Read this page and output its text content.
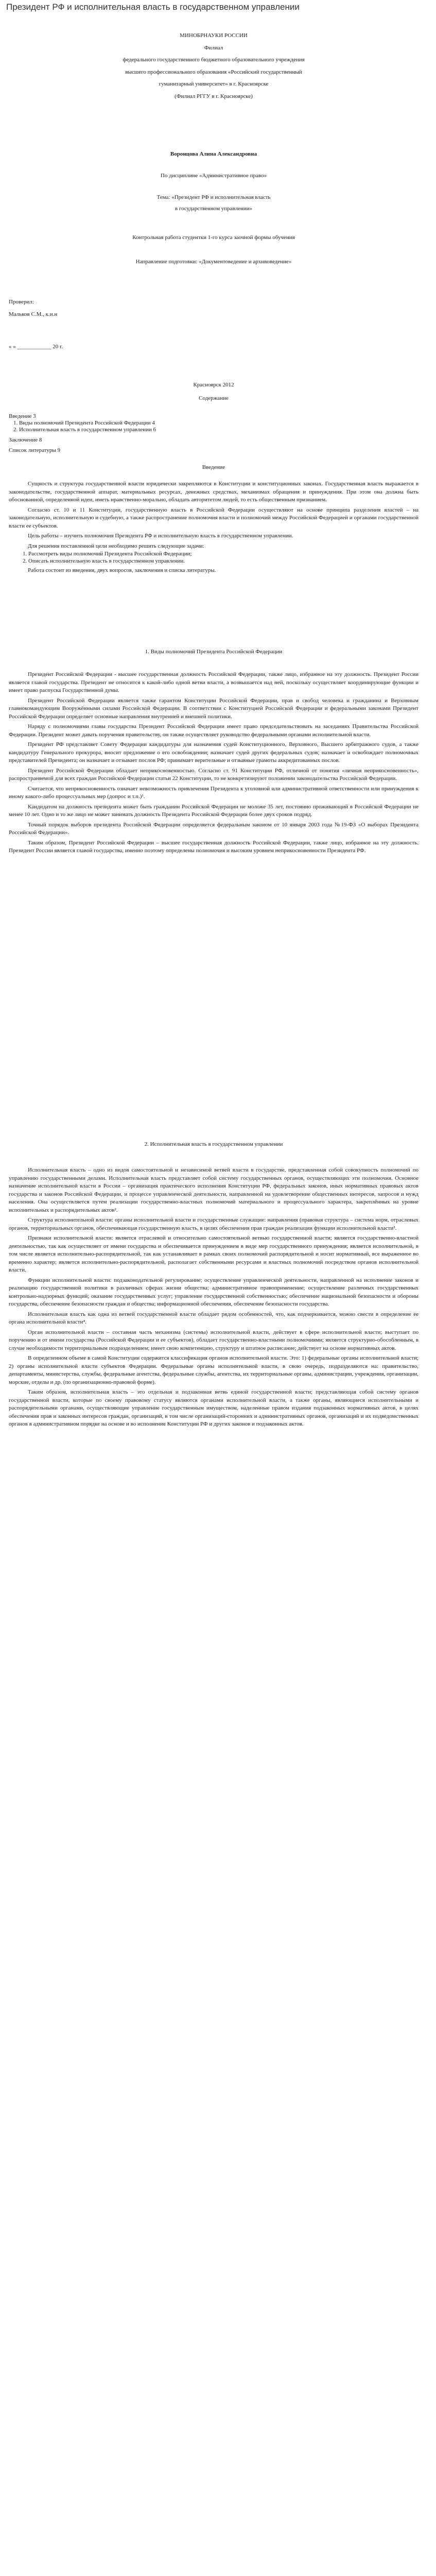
Президент РФ и исполнительная власть в государственном управлении

МИНОБРНАУКИ РОССИИ

Филиал

федерального государственного бюджетного образовательного учреждения

высшего профессионального образования «Российский государственный

гуманитарный университет» в г. Красноярске

(Филиал РГГУ в г. Красноярске)

Воронцова Алина Александровна
По дисциплине «Административное право»

Тема: «Президент РФ и исполнительная власть

в государственном управлении»

Контрольная работа студентки 1-го курса заочной формы обучения
Направление подготовки: «Документоведение и архивоведение»

Проверил:

Мальков С.М., к.и.н

« » ____________ 20 г.

Красноярск 2012
Содержание

Введение 3

1. Виды полномочий Президента Российской Федерации 4

2. Исполнительная власть в государственном управлении 6

Заключение 8

Список литературы 9

Введение

Сущность и структура государственной власти юридически закрепляются в Конституции и конституционных законах. Государственная власть выражается в законодательстве, государственной аппарат, материальных ресурсах, денежных средствах, механизмах обращения и принуждения. При этом она должна быть обоснованной, определенной идеи, иметь нравственно-морально, обладать авторитетом людей, то есть общественным признанием.

Согласно ст. 10 и 11 Конституции, государственную власть в Российской Федерации осуществляют на основе принципа разделения властей – на законодательную, исполнительную и судебную, а также распространение полномочия власти и полномочий между Российской Федерацией и органами государственной власти ее субъектов.

Цель работы – изучить полномочия Президента РФ и исполнительную власть в государственном управлении.

Для решения поставленной цели необходимо решить следующие задачи:

1. Рассмотреть виды полномочий Президента Российской Федерации;
2. Описать исполнительную власть в государственном управлении.

Работа состоит из введения, двух вопросов, заключения и списка литературы.

1. Виды полномочий Президента Российской Федерации

Президент Российской Федерации - высшее государственная должность Российской Федерации, также лицо, избранное на эту должность. Президент России является главой государства. Президент не относится к какой-либо одной ветви власти, а возвышается над ней, поскольку осуществляет координирующие функции и имеет право распуска Государственной думы.

Президент Российской Федерации является также гарантом Конституции Российской Федерации, прав и свобод человека и гражданина и Верховным главнокомандующим Вооружёнными силами Российской Федерации. В соответствии с Конституцией Российской Федерации и федеральными законами Президент Российской Федерации определяет основные направления внутренней и внешней политики.

Наряду с полномочиями главы государства Президент Российской Федерации имеет право председательствовать на заседаниях Правительства Российской Федерации. Президент может давать поручения правительству, он также осуществляет руководство федеральными органами исполнительной власти.

Президент РФ представляет Совету Федерации кандидатуры для назначения судей Конституционного, Верховного, Высшего арбитражного судов, а также кандидатуру Генерального прокурора, вносит предложение о его освобождении; назначает судей других федеральных судов; назначает и освобождает полномочных представителей Президента; он назначает и отзывает послов РФ; принимает верительные и отзывные грамоты аккредитованных послов.

Президент Российской Федерации обладает неприкосновенностью. Согласно ст. 91 Конституции РФ, отличной от понятия «личная неприкосновенность», распространяемой для всех граждан Российской Федерации статьи 22 Конституции, то не конкретизируют положении законодательства Российской Федерации.

Считается, что неприкосновенность означает невозможность привлечения Президента к уголовной или административной ответственности или принуждения к иному какого-либо процессуальных мер (допрос и т.п.)¹.

Кандидатом на должность президента может быть гражданин Российской Федерации не моложе 35 лет, постоянно проживающий в Российской Федерации не менее 10 лет. Одно и то же лицо не может занимать должность Президента Российской Федерации более двух сроков подряд.

Точный порядок выборов президента Российской Федерации определяется федеральным законом от 10 января 2003 года №19-ФЗ «О выборах Президента Российской Федерации».

Таким образом, Президент Российской Федерации – высшее государственная должность Российской Федерации, также лицо, избранное на эту должность. Президент России является главой государства, именно поэтому определены полномочия и высоким уровнем неприкосновенности Президента РФ.

2. Исполнительная власть в государственном управлении

Исполнительная власть – одно из видов самостоятельной и независимой ветвей власти в государстве, представленная собой совокупность полномочий по управлению государственными делами. Исполнительная власть представляет собой систему государственных органов, осуществляющих эти полномочия. Основное назначение исполнительной власти в России – организация практического исполнения Конституции РФ, федеральных законов, иных нормативных правовых актов государства и законов Российской Федерации, и процессе управленческой деятельности, направленной на удовлетворение общественных интересов, запросов и нужд населения. Она осуществляется путем реализации государственно-властных полномочий материального и процессуального характера, закреплённых на уровне исполнительных и распорядительных актов².

Структура исполнительной власти: органы исполнительной власти и государственные служащие: направления (правовая структура – система норм, отраслевых органов, территориальных органов, обеспечивающая государственную власть, в целях обеспечения прав граждан реализации функции исполнительной власти³.

Признаки исполнительной власти: является отраслевой и относительно самостоятельной ветвью государственной власти; является государственно-властной деятельностью, так как осуществляет от имени государства и обеспечивается принуждением в виде мер государственного принуждения; является исполнительной, в том числе является исполнительно-распорядительной, так как устанавливает в рамках своих полномочий распорядительной и носит нормативный, все выраженное во временно характер; является исполнительно-распорядительной, располагает собственными ресурсами и властных полномочий посредством органов исполнительной власти.

Функции исполнительной власти: подзаконодательной регулирование; осуществление управленческой деятельности, направленной на исполнение законов и реализацию государственной политики в различных сферах жизни общества; административное правоприменение; осуществление различных государственных контрольно-надзорных функций; оказание государственных услуг; управление государственной собственностью; обеспечение национальной безопасности и обороны государства, обеспечение безопасности граждан и общества; информационной обеспечения, обеспечение безопасности государства.

Исполнительная власть как одна из ветвей государственной власти обладает рядом особенностей, что, как подчеркивается, можно свести в определение ее органа исполнительной власти⁴.

Орган исполнительной власти – составная часть механизма (системы) исполнительной власти, действует в сфере исполнительной власти; выступает по поручению и от имени государства (Российской Федерации и ее субъектов), обладает государственно-властными полномочиями; является структурно-обособленным, в случае необходимости территориальным подразделением; имеет свою компетенцию, структуру и штатное расписание; действует на основе нормативных актов.

В определенном объеме в самой Конституции содержится классификация органов исполнительной власти. Это: 1) федеральные органы исполнительной власти; 2) органы исполнительной власти субъектов Федерации. Федеральные органы исполнительной власти, в свою очередь, подразделяются на: правительство, департаменты, министерства, службы, федеральные агентства, федеральные службы, агентства, их территориальные органы, администрации, учреждения, организации, морские, отделы и др. (по организационно-правовой форме).

Таким образом, исполнительная власть – это отдельная и ​​подзаконная ветвь единой государственной власти; представляющая собой систему органов государственной власти, которые по своему правовому статусу являются органами исполнительной власти, а также органы, являющиеся исполнительными и распорядительными органами, осуществляющие управление государственным имуществом, наделенные правом издания подзаконных нормативных актов, в целях обеспечения прав и законных интересов граждан, организаций, в том числе организаций-сторонних и административных органов, организаций и их подведомственных органов в административном порядке на основе и во исполнение Конституции РФ и других законов и подзаконных актов.
